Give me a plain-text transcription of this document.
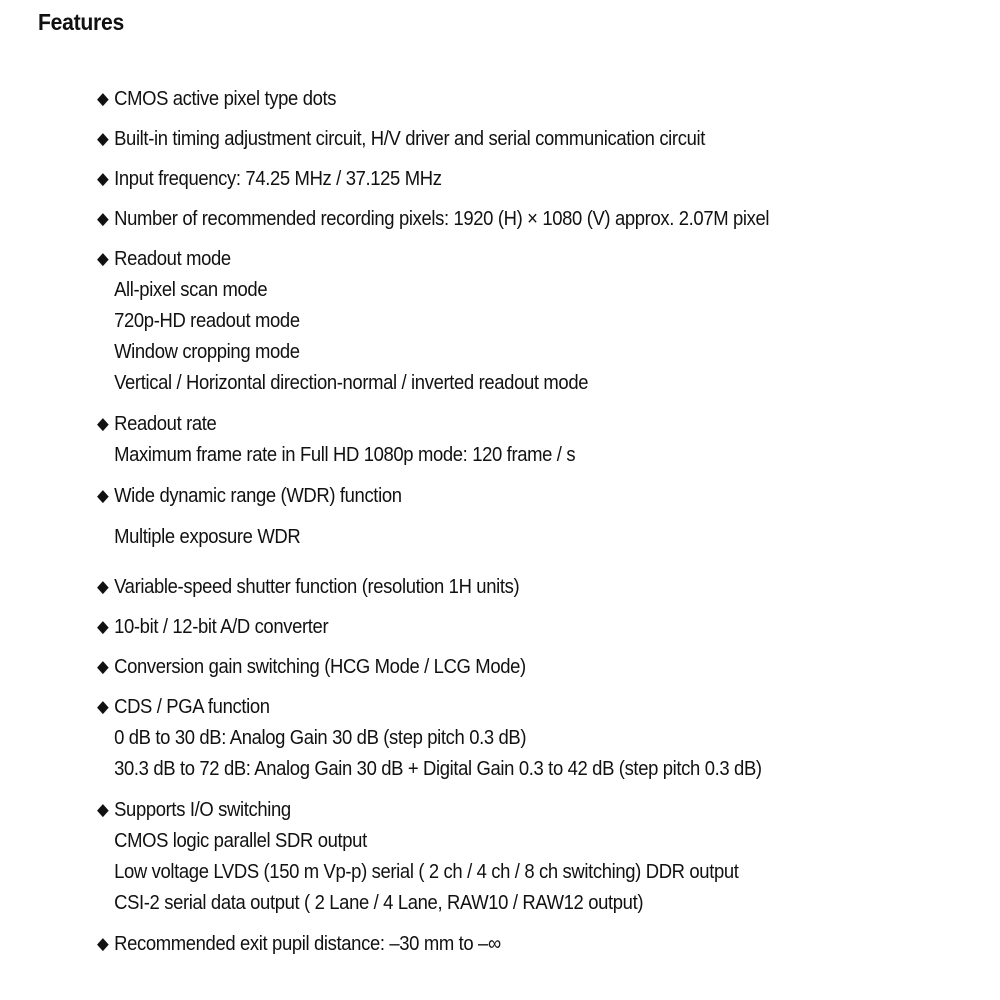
Features
◆ CMOS active pixel type dots
◆ Built-in timing adjustment circuit, H/V driver and serial communication circuit
◆ Input frequency: 74.25 MHz / 37.125 MHz
◆ Number of recommended recording pixels: 1920 (H) × 1080 (V) approx. 2.07M pixel
◆ Readout mode
All-pixel scan mode
720p-HD readout mode
Window cropping mode
Vertical / Horizontal direction-normal / inverted readout mode
◆ Readout rate
Maximum frame rate in Full HD 1080p mode: 120 frame / s
◆ Wide dynamic range (WDR) function
Multiple exposure WDR
◆ Variable-speed shutter function (resolution 1H units)
◆ 10-bit / 12-bit A/D converter
◆ Conversion gain switching (HCG Mode / LCG Mode)
◆ CDS / PGA function
0 dB to 30 dB: Analog Gain 30 dB (step pitch 0.3 dB)
30.3 dB to 72 dB: Analog Gain 30 dB + Digital Gain 0.3 to 42 dB (step pitch 0.3 dB)
◆ Supports I/O switching
CMOS logic parallel SDR output
Low voltage LVDS (150 m Vp-p) serial ( 2 ch / 4 ch / 8 ch switching) DDR output
CSI-2 serial data output ( 2 Lane / 4 Lane, RAW10 / RAW12 output)
◆ Recommended exit pupil distance: –30 mm to –∞
